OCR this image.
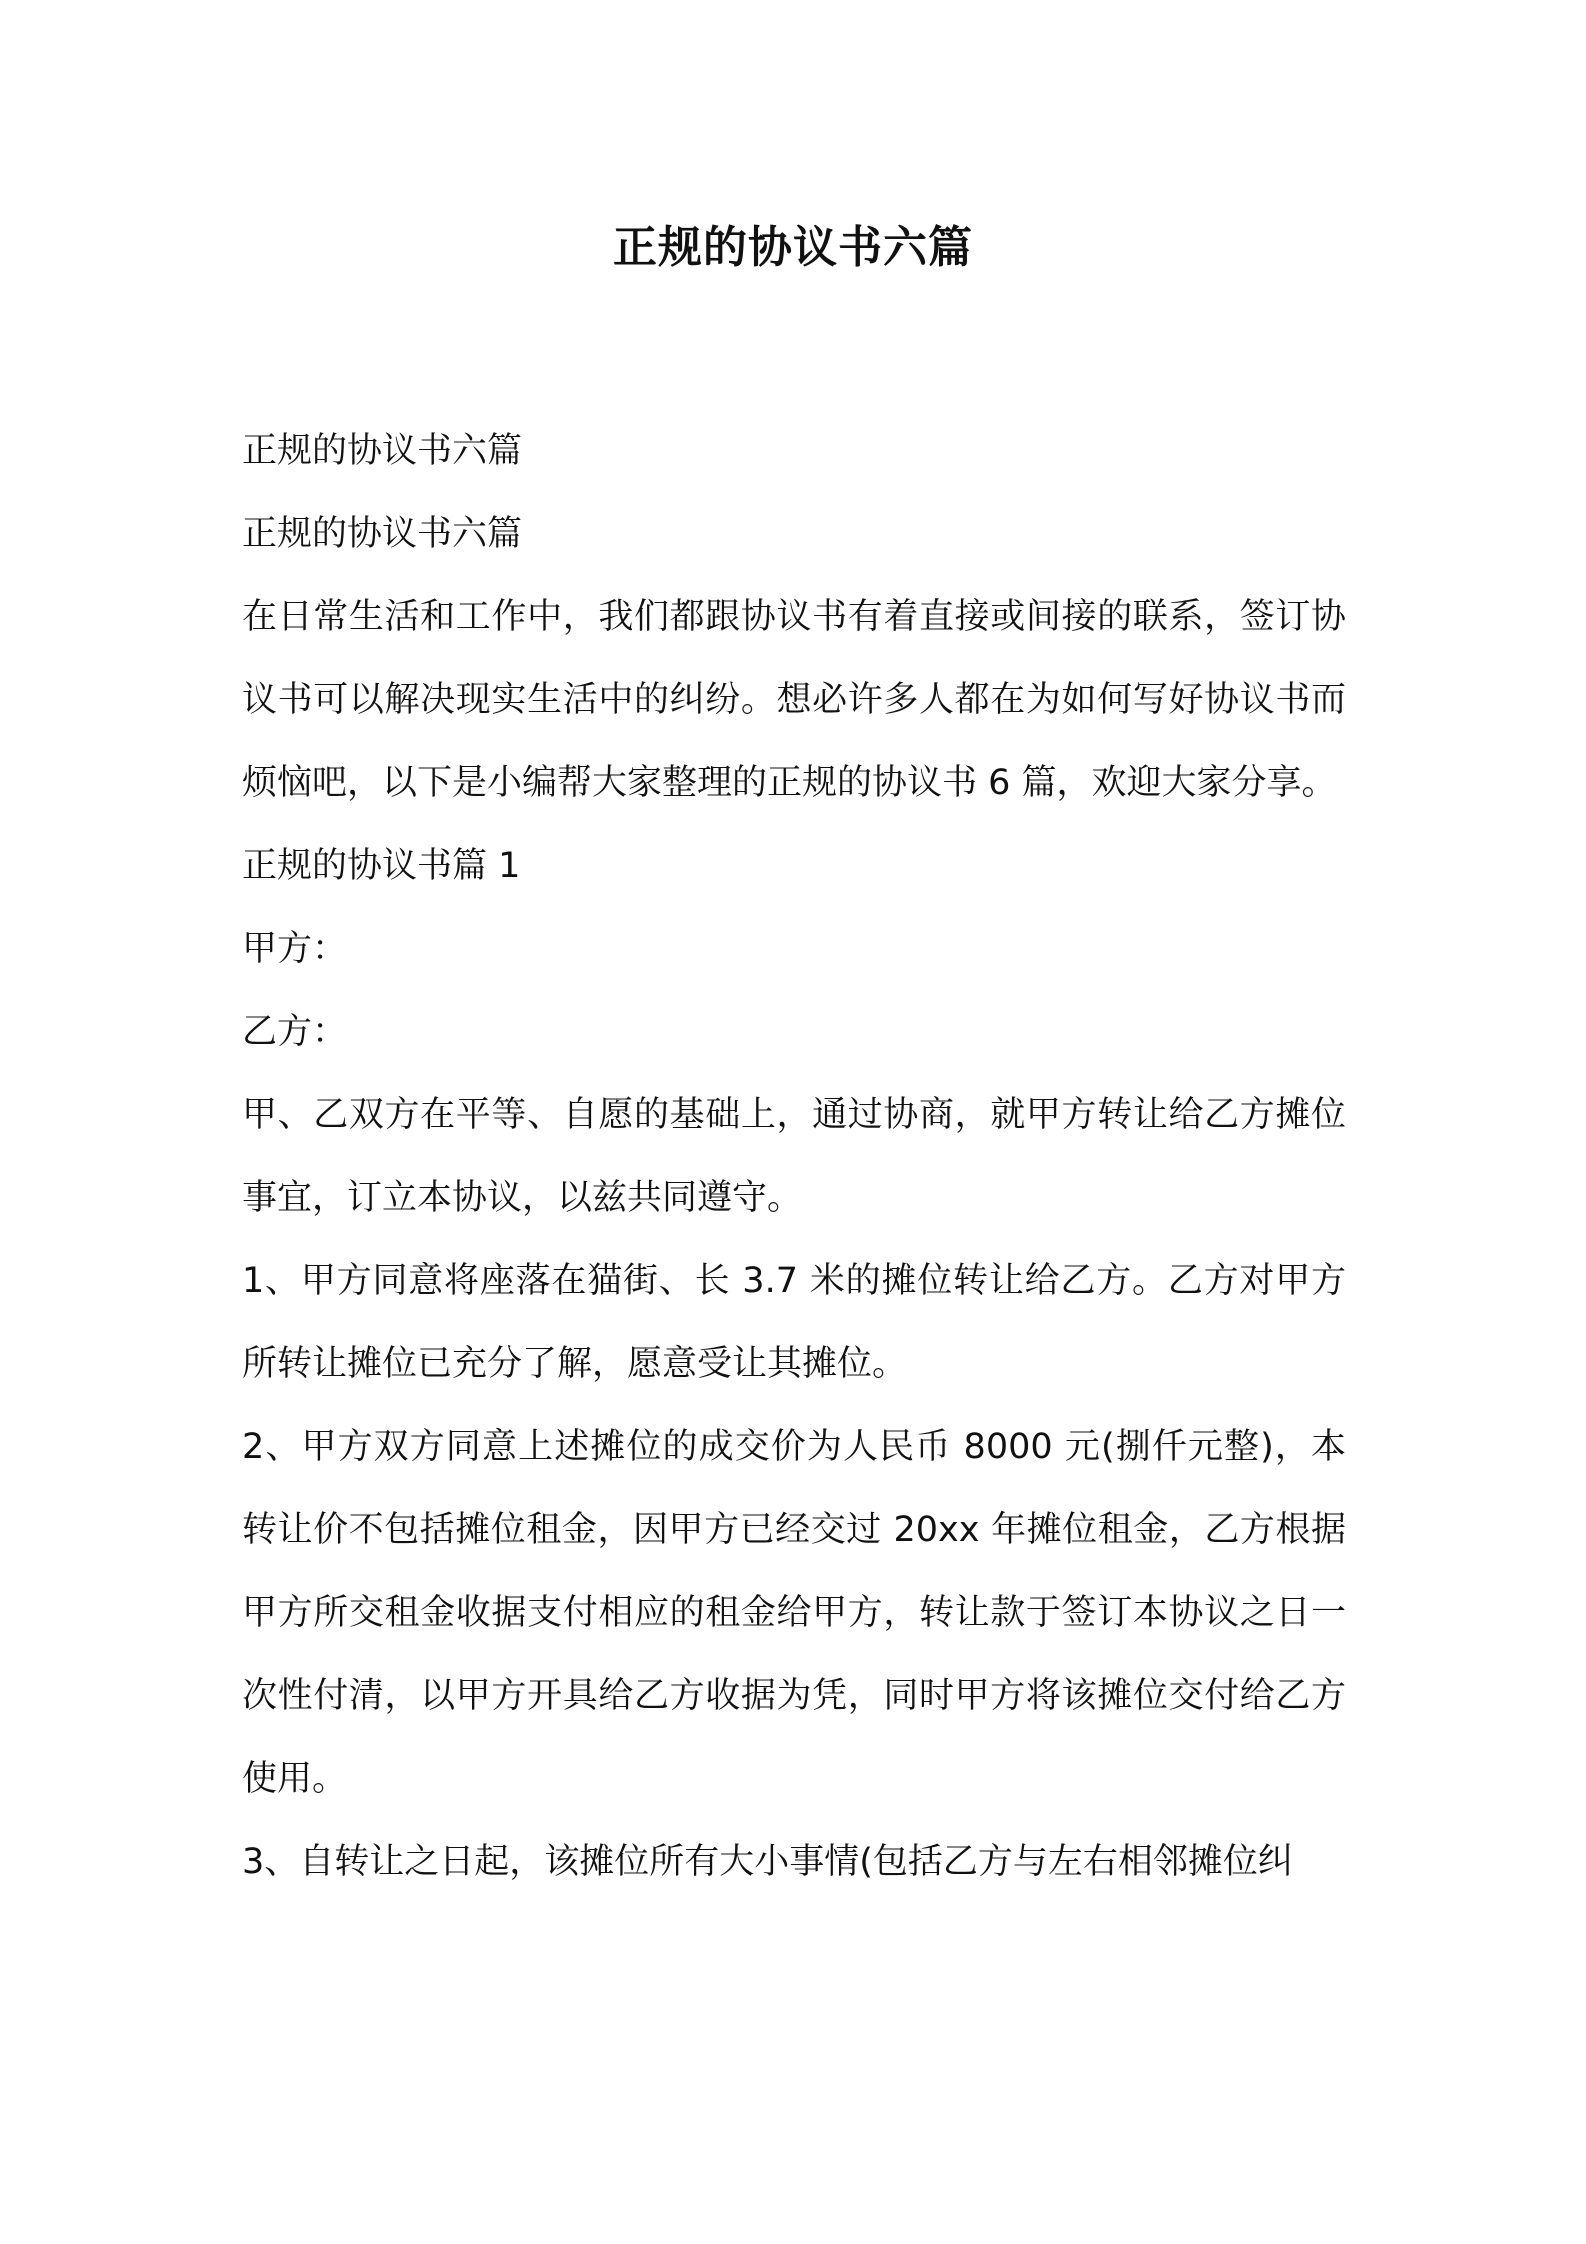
正规的协议书六篇

正规的协议书六篇

正规的协议书六篇

在日常生活和工作中，我们都跟协议书有着直接或间接的联系，签订协议书可以解决现实生活中的纠纷。想必许多人都在为如何写好协议书而烦恼吧，以下是小编帮大家整理的正规的协议书 6 篇，欢迎大家分享。

正规的协议书篇 1

甲方：

乙方：

甲、乙双方在平等、自愿的基础上，通过协商，就甲方转让给乙方摊位事宜，订立本协议，以兹共同遵守。

1、甲方同意将座落在猫街、长 3.7 米的摊位转让给乙方。乙方对甲方所转让摊位已充分了解，愿意受让其摊位。

2、甲方双方同意上述摊位的成交价为人民币 8000 元(捌仟元整)，本转让价不包括摊位租金，因甲方已经交过 20xx 年摊位租金，乙方根据甲方所交租金收据支付相应的租金给甲方，转让款于签订本协议之日一次性付清，以甲方开具给乙方收据为凭，同时甲方将该摊位交付给乙方使用。

3、自转让之日起，该摊位所有大小事情(包括乙方与左右相邻摊位纠
